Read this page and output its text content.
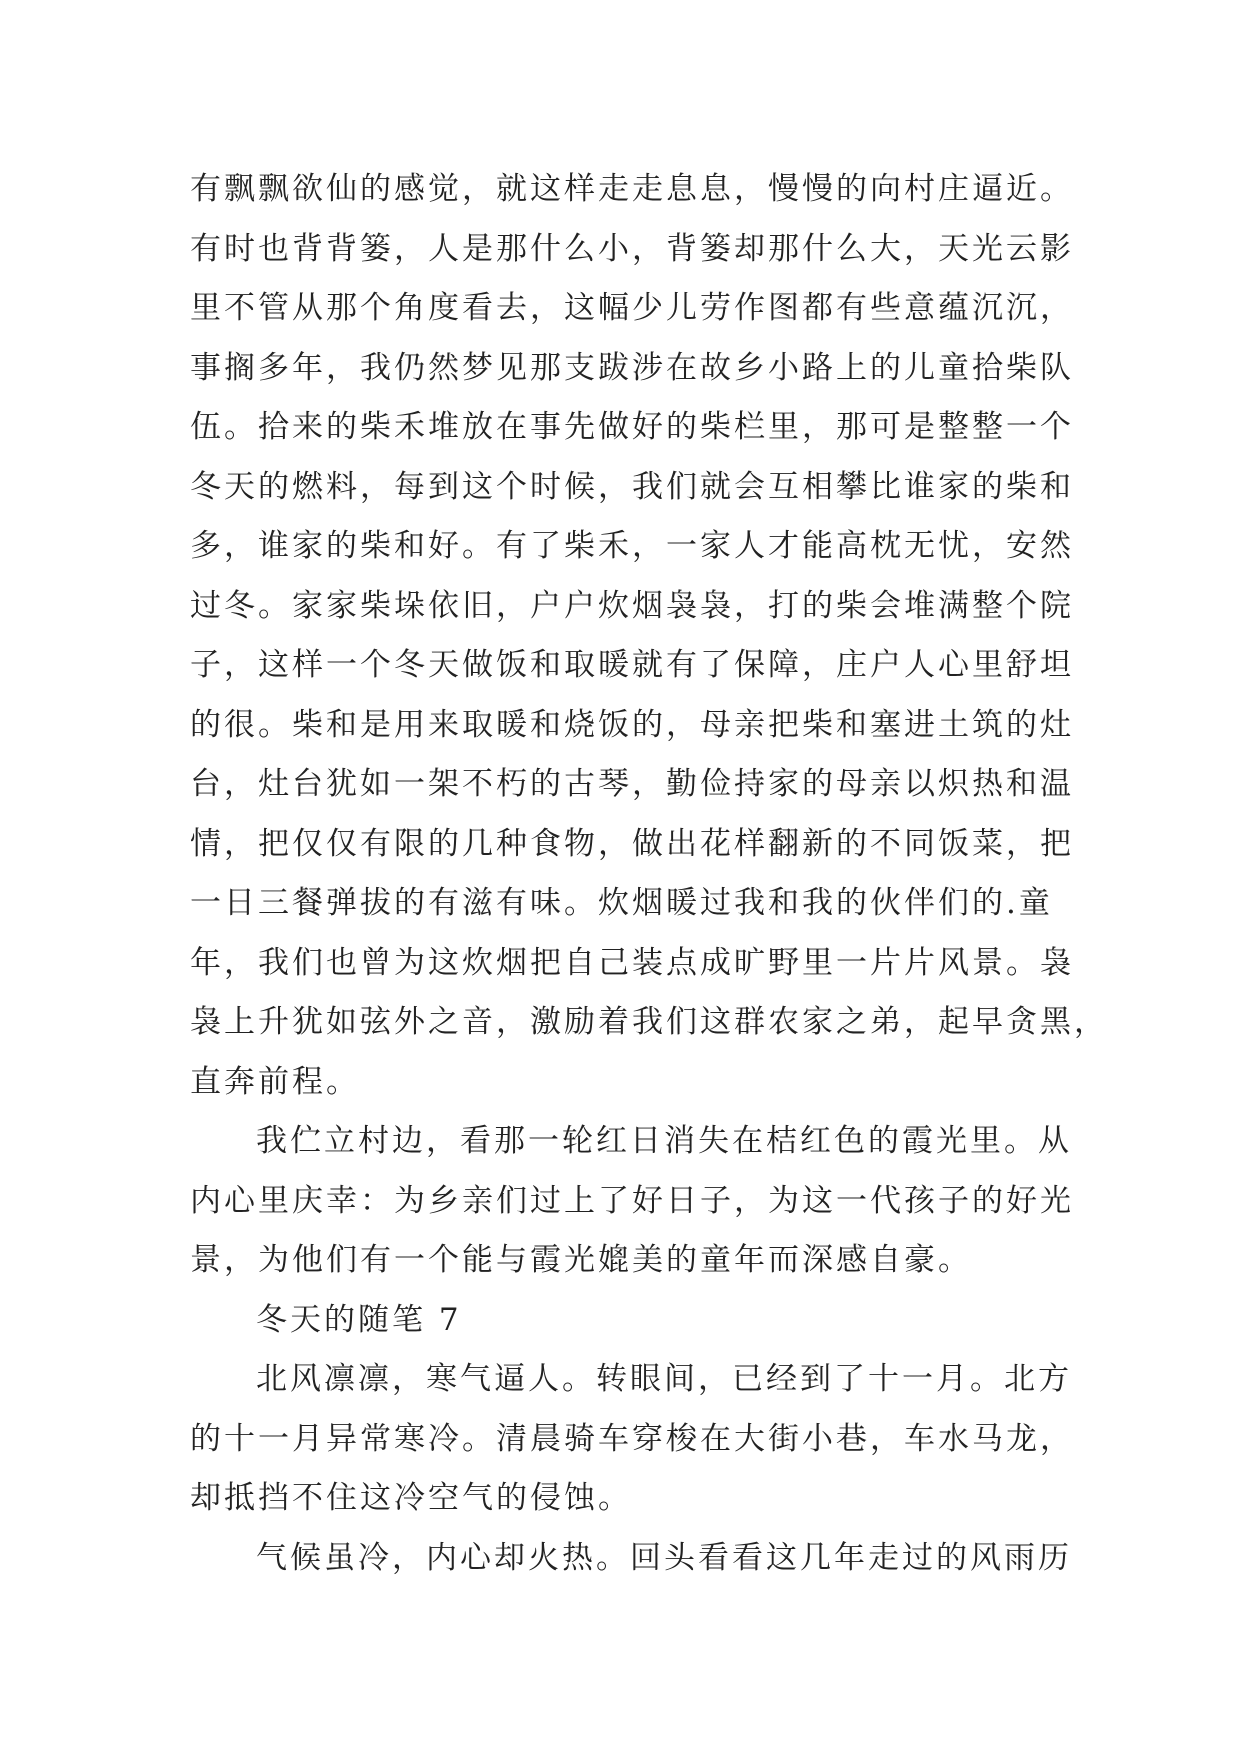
有飘飘欲仙的感觉，就这样走走息息，慢慢的向村庄逼近。
有时也背背篓，人是那什么小，背篓却那什么大，天光云影
里不管从那个角度看去，这幅少儿劳作图都有些意蕴沉沉，
事搁多年，我仍然梦见那支跋涉在故乡小路上的儿童拾柴队
伍。拾来的柴禾堆放在事先做好的柴栏里，那可是整整一个
冬天的燃料，每到这个时候，我们就会互相攀比谁家的柴和
多，谁家的柴和好。有了柴禾，一家人才能高枕无忧，安然
过冬。家家柴垛依旧，户户炊烟袅袅，打的柴会堆满整个院
子，这样一个冬天做饭和取暖就有了保障，庄户人心里舒坦
的很。柴和是用来取暖和烧饭的，母亲把柴和塞进土筑的灶
台，灶台犹如一架不朽的古琴，勤俭持家的母亲以炽热和温
情，把仅仅有限的几种食物，做出花样翻新的不同饭菜，把
一日三餐弹拔的有滋有味。炊烟暖过我和我的伙伴们的.童
年，我们也曾为这炊烟把自己装点成旷野里一片片风景。袅
袅上升犹如弦外之音，激励着我们这群农家之弟，起早贪黑，
直奔前程。
我伫立村边，看那一轮红日消失在桔红色的霞光里。从
内心里庆幸：为乡亲们过上了好日子，为这一代孩子的好光
景，为他们有一个能与霞光媲美的童年而深感自豪。
冬天的随笔 7
北风凛凛，寒气逼人。转眼间，已经到了十一月。北方
的十一月异常寒冷。清晨骑车穿梭在大街小巷，车水马龙，
却抵挡不住这冷空气的侵蚀。
气候虽冷，内心却火热。回头看看这几年走过的风雨历
